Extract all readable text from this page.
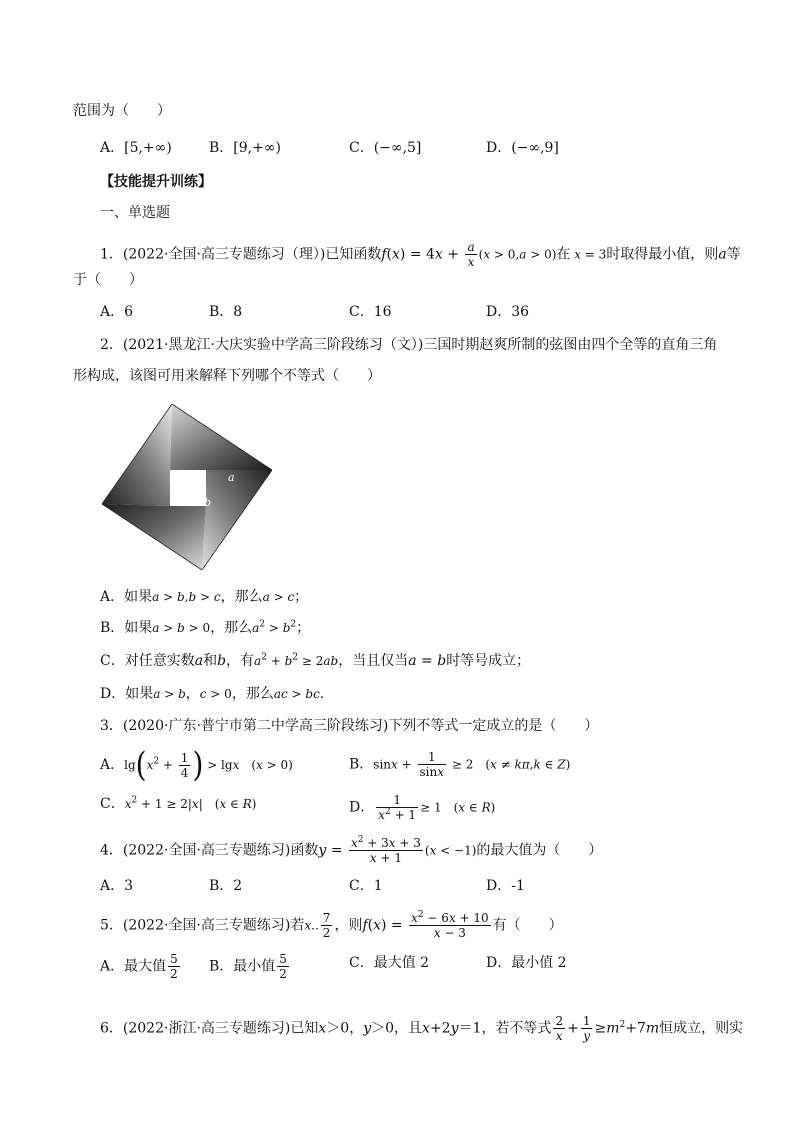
范围为（　　）
A．[5,+∞)	B．[9,+∞)	C．(−∞,5]	D．(−∞,9]
【技能提升训练】
一、单选题
1．(2022·全国·高三专题练习（理）)已知函数$f(x) = 4x + \frac{a}{x} (x > 0,a > 0)$在 x = 3时取得最小值，则a等
于（　　）
A．6	B．8	C．16	D．36
2．(2021·黑龙江·大庆实验中学高三阶段练习（文）)三国时期赵爽所制的弦图由四个全等的直角三角
形构成，该图可用来解释下列哪个不等式（　　）
a
b
A．如果a > b,b > c，那么a > c；
B．如果a > b > 0，那么$a^2 > b^2$；
C．对任意实数a和b，有$a^2 + b^2 \ge 2ab$，当且仅当a = b时等号成立；
D．如果a > b，c > 0，那么ac > bc．
3．(2020·广东·普宁市第二中学高三阶段练习)下列不等式一定成立的是（　　）
A．$\lg(x^2 + \frac{1}{4}$ ) > lgx　(x > 0)	B．$\sin x + \frac{1}{\sin x} \ge 2$　(x ≠ kπ,k ∈ Z)
C．$x^2 + 1 \ge 2|x|$　(x ∈ R)	D． $\frac{1}{x^2 + 1} \ge 1$　(x ∈ R)
4．(2022·全国·高三专题练习)函数$y = \frac{x^2 + 3x + 3}{x + 1} (x < -1)$的最大值为（　　）
A．3	B．2	C．1	D．-1
5．(2022·全国·高三专题练习)若x.. $\frac{7}{2}$ ，则$f(x) = \frac{x^2 - 6x + 10}{x - 3}$ 有（　　）
A．最大值 $\frac{5}{2}$ B．最小值 $\frac{5}{2}$	C．最大值 2	D．最小值 2
6．(2022·浙江·高三专题练习)已知x＞0，y＞0，且x+2y＝1，若不等式 $\frac{2}{x} + \frac{1}{y} \ge m^2+7m$恒成立，则实
